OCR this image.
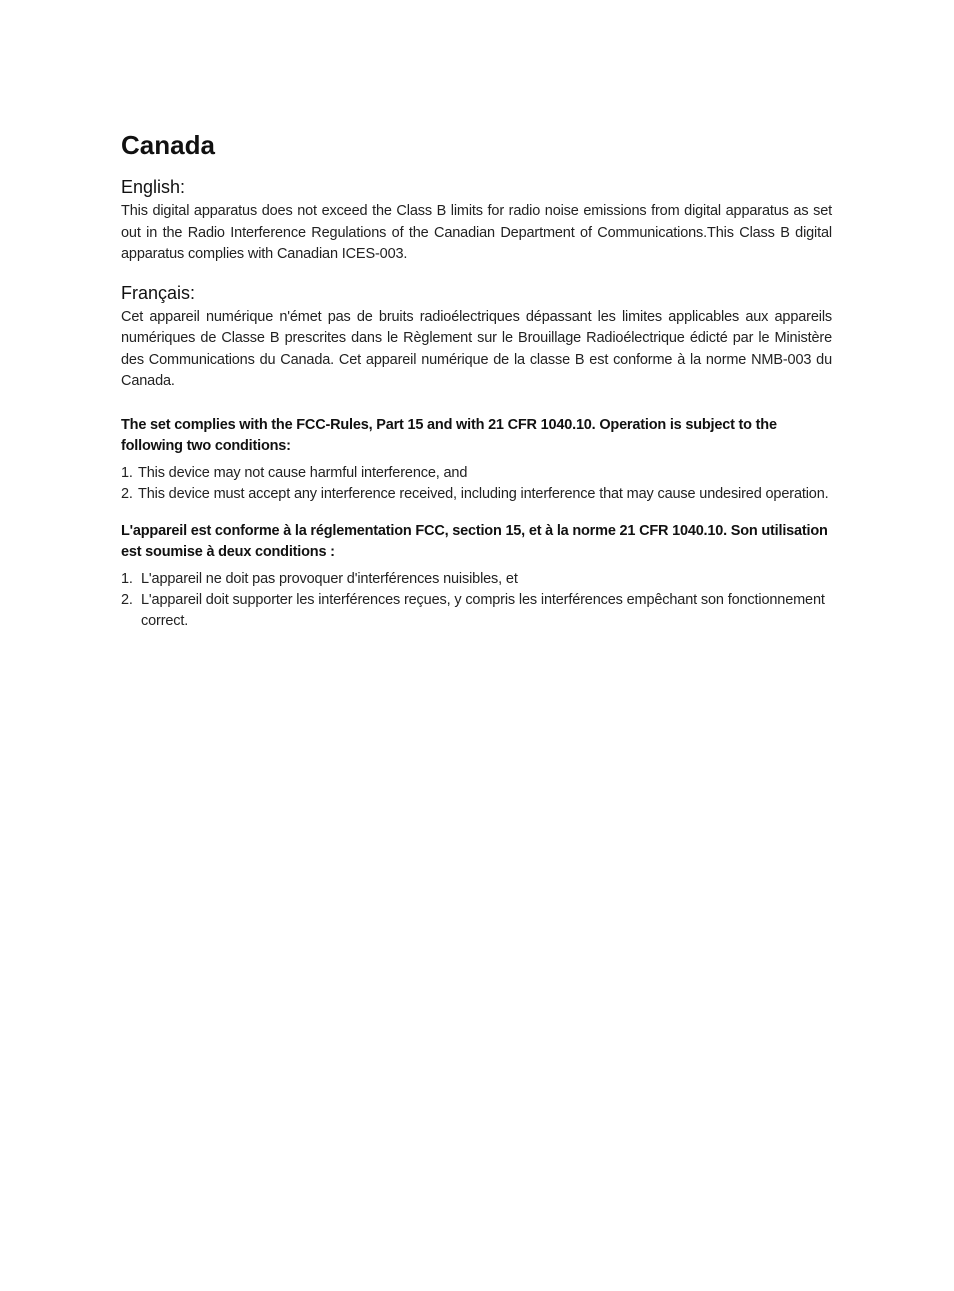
Canada
English:

This digital apparatus does not exceed the Class B limits for radio noise emissions from digital apparatus as set out in the Radio Interference Regulations of the Canadian Department of Communications.This Class B digital apparatus complies with Canadian ICES-003.

Français:

Cet appareil numérique n'émet pas de bruits radioélectriques dépassant les limites applicables aux appareils numériques de Classe B prescrites dans le Règlement sur le Brouillage Radioélectrique édicté par le Ministère des Communications du Canada. Cet appareil numérique de la classe B est conforme à la norme NMB-003 du Canada.

The set complies with the FCC-Rules, Part 15 and with 21 CFR 1040.10. Operation is subject to the following two conditions:

1. This device may not cause harmful interference, and
2. This device must accept any interference received, including interference that may cause undesired operation.

L'appareil est conforme à la réglementation FCC, section 15, et à la norme 21 CFR 1040.10. Son utilisation est soumise à deux conditions :

1. L'appareil ne doit pas provoquer d'interférences nuisibles, et
2. L'appareil doit supporter les interférences reçues, y compris les interférences empêchant son fonctionnement correct.
